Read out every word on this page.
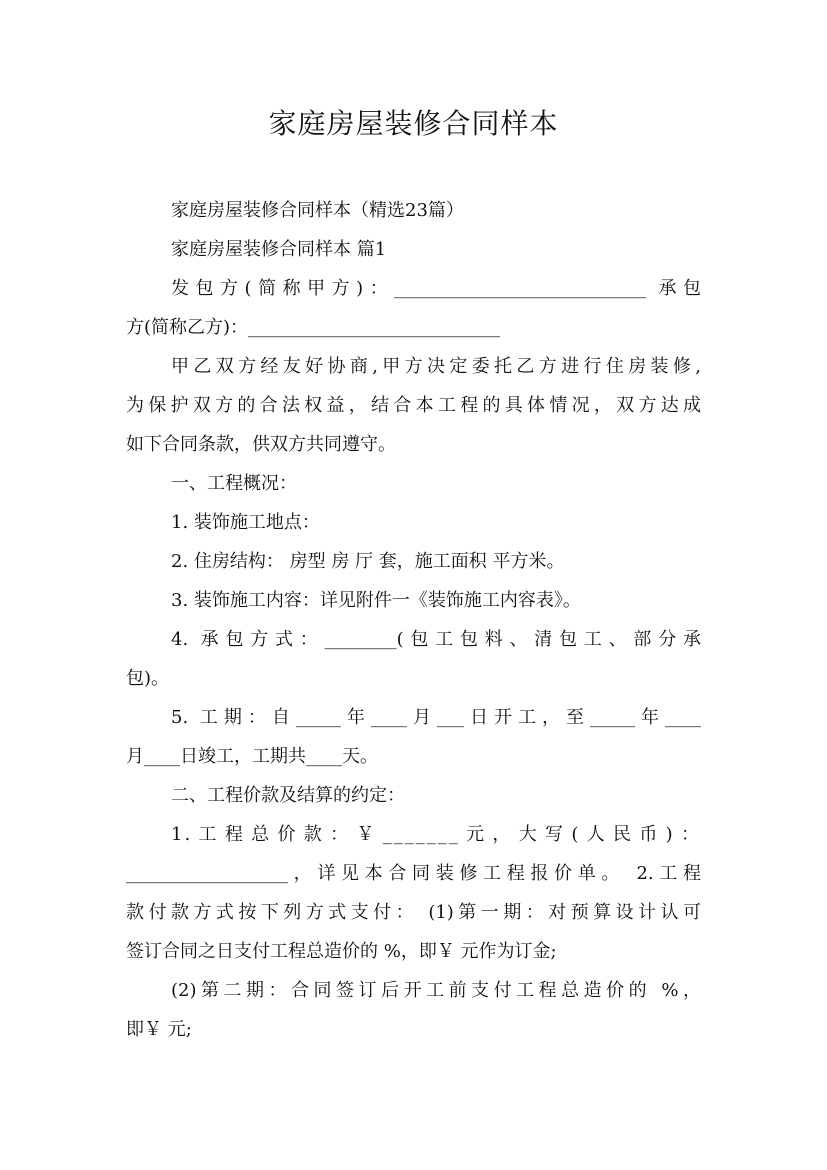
家庭房屋装修合同样本

家庭房屋装修合同样本（精选23篇）

家庭房屋装修合同样本 篇1

发包方(简称甲方)：____________________________ 承包

方(简称乙方)：____________________________

甲乙双方经友好协商,甲方决定委托乙方进行住房装修,

为保护双方的合法权益，结合本工程的具体情况，双方达成

如下合同条款，供双方共同遵守。

一、工程概况：

1. 装饰施工地点：

2. 住房结构： 房型 房 厅 套，施工面积 平方米。

3. 装饰施工内容：详见附件一《装饰施工内容表》。

4. 承包方式：________(包工包料、清包工、部分承

包)。

5. 工期：自_____年____月___日开工，至_____年____

月____日竣工，工期共____天。

二、工程价款及结算的约定：

1.工程总价款：￥_______元，大写(人民币)：

__________________，详见本合同装修工程报价单。 2.工程

款付款方式按下列方式支付： (1)第一期：对预算设计认可

签订合同之日支付工程总造价的 %，即￥ 元作为订金;

(2)第二期：合同签订后开工前支付工程总造价的 %，

即￥ 元;
